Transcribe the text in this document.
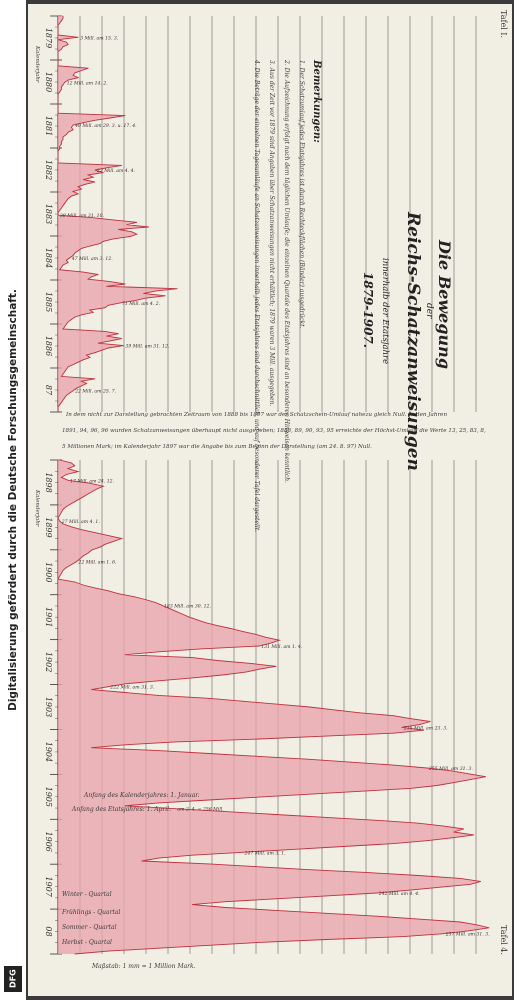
Digitalisierung gefördert durch die Deutsche Forschungsgemeinschaft.
DFG
1879
1880
1881
1882
1883
1884
1885
1886
87
3 Mill. am 15. 3.
12 Mill. am 14. 2.
40 Mill. am 29. 3. u. 17. 4.
22 Mill. am 4. 4.
38 Mill. am 31. 10.
47 Mill. am 3. 12.
71 Mill. am 4. 2.
39 Mill. am 31. 12.
22 Mill. am 25. 7.
Kalenderjahr
1898
1899
1900
1901
1902
1903
1904
1905
1906
1907
08
17 Mill. am 24. 12.
27 Mill. am 4. 1.
22 Mill. am 1. 6.
183 Mill. am 30. 12.
131 Mill. am 1. 4.
222 Mill. am 31. 3.
215 Mill. am 23. 3.
255 Mill. am 31. 3.
am 2. 4. = 256 Mill.
247 Mill. am 3. 1.
242 Mill. am 4. 4.
257 Mill. am 31. 3.
Kalenderjahr
Tafel I.
Tafel 4.
Die Bewegung
der
Reichs-Schatzanweisungen
innerhalb der Etatsjahre
1879-1907.
Bemerkungen:
1. Der Schatzumlauf jedes Etatsjahres ist durch Rechteckflächen (Bänder) ausgedrückt.
2. Die Aufzeichnung erfolgt nach dem täglichen Umlaufe; die einzelnen Quartale des Etatsjahres sind an besonderen Hinweisen kenntlich.
3. Aus der Zeit vor 1879 sind Angaben über Schatzanweisungen nicht erhältlich; 1879 waren 3 Mill. ausgegeben.
4. Die Beträge der einzelnen Tagesumläufe an Schatzanweisungen innerhalb jedes Etatsjahres sind durchschnittlich, und auf besonderer Tafel dargestellt.
In dem nicht zur Darstellung gebrachten Zeitraum von 1888 bis 1897 war der Schatzschein-Umlauf nahezu gleich Null. In den Jahren
1891, 94, 96, 96 wurden Schatzanweisungen überhaupt nicht ausgegeben; 1888, 89, 90, 93, 95 erreichte der Höchst-Umlauf die Werte 13, 25, 83, 8,
5 Millionen Mark; im Kalenderjahr 1897 war die Angabe bis zum Beginn der Darstellung (am 24. 8. 97) Null.
Anfang des Kalenderjahres: 1. Januar.
Anfang des Etatsjahres: 1. April.
Winter - Quartal
Frühlings - Quartal
Sommer - Quartal
Herbst - Quartal
Maßstab: 1 mm = 1 Million Mark.
